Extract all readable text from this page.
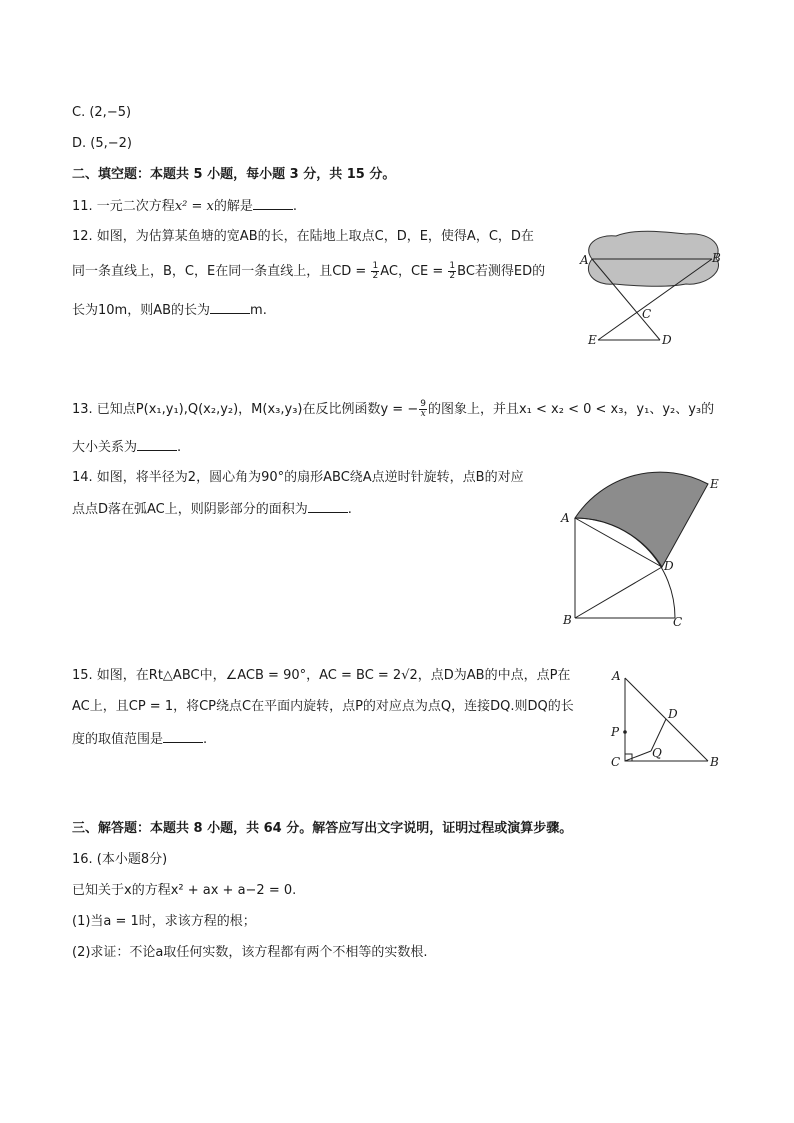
C. (2,−5)
D. (5,−2)
二、填空题：本题共 5 小题，每小题 3 分，共 15 分。
11. 一元二次方程x² = x的解是	.
12. 如图，为估算某鱼塘的宽AB的长，在陆地上取点C，D，E，使得A，C，D在
同一条直线上，B，C，E在同一条直线上，且CD = $\frac{1}{2}$ AC，CE = $\frac{1}{2}$ BC若测得ED的
长为10m，则AB的长为	m.
A	B
C
E	D
13. 已知点P(x₁,y₁),Q(x₂,y₂)，M(x₃,y₃)在反比例函数y = − $\frac{9}{x}$ 的图象上，并且x₁ < x₂ < 0 < x₃，y₁、y₂、y₃的
大小关系为	.
14. 如图，将半径为2，圆心角为90°的扇形ABC绕A点逆时针旋转，点B的对应
点点D落在弧AC上，则阴影部分的面积为	.
A
E
D
B	C
15. 如图，在Rt△ABC中，∠ACB = 90°，AC = BC = 2√2，点D为AB的中点，点P在
AC上，且CP = 1，将CP绕点C在平面内旋转，点P的对应点为点Q，连接DQ.则DQ的长
度的取值范围是	.
A
D
P
Q
C	B
三、解答题：本题共 8 小题，共 64 分。解答应写出文字说明，证明过程或演算步骤。
16. (本小题8分)
已知关于x的方程x² + ax + a−2 = 0.
(1)当a = 1时，求该方程的根；
(2)求证：不论a取任何实数，该方程都有两个不相等的实数根.
